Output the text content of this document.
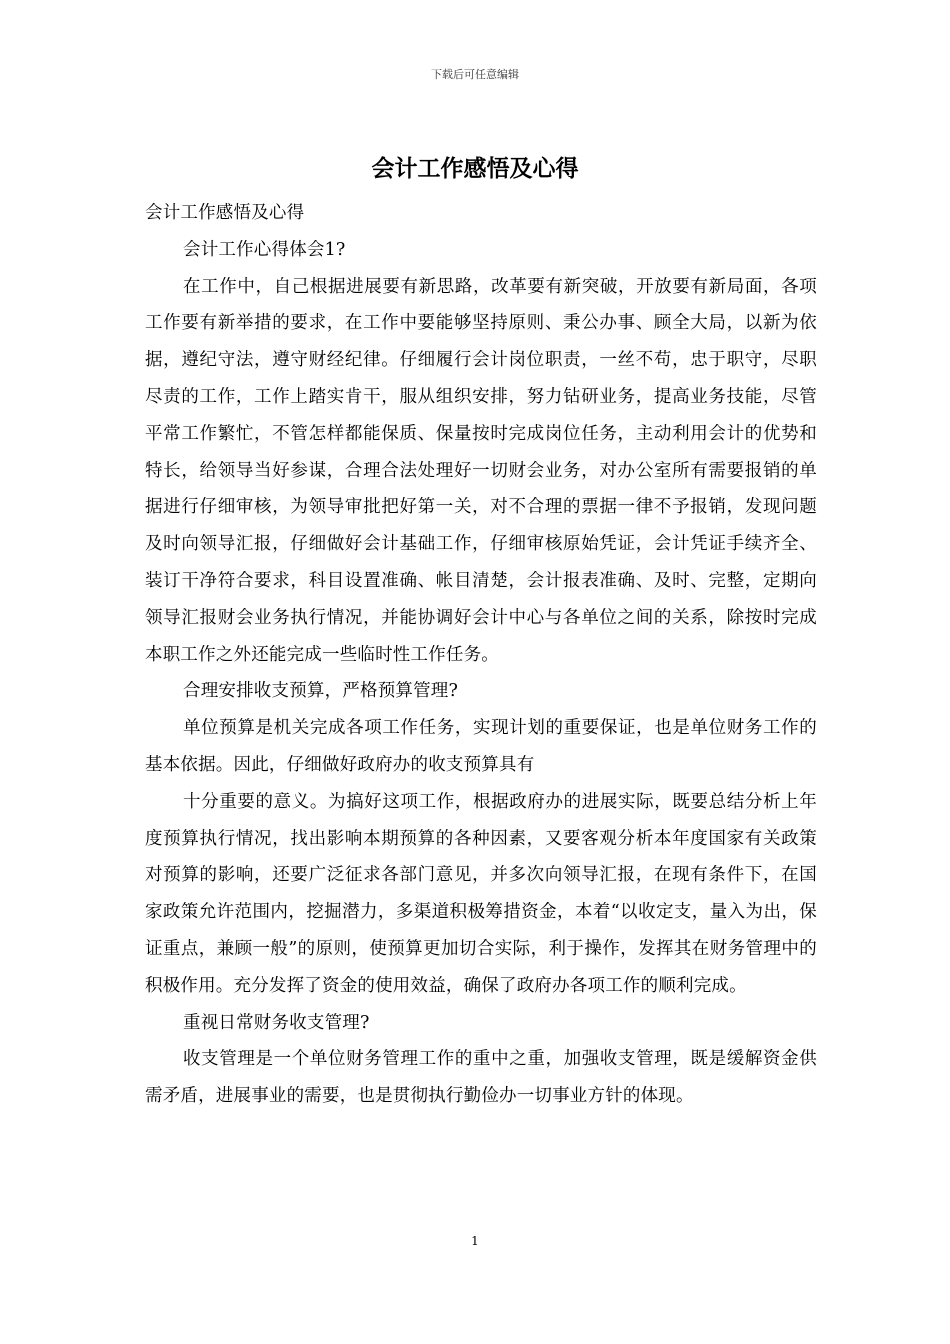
下载后可任意编辑
会计工作感悟及心得

会计工作感悟及心得

会计工作心得体会1?

在工作中，自己根据进展要有新思路，改革要有新突破，开放要有新局面，各项工作要有新举措的要求，在工作中要能够坚持原则、秉公办事、顾全大局，以新为依据，遵纪守法，遵守财经纪律。仔细履行会计岗位职责，一丝不苟，忠于职守，尽职尽责的工作，工作上踏实肯干，服从组织安排，努力钻研业务，提高业务技能，尽管平常工作繁忙，不管怎样都能保质、保量按时完成岗位任务，主动利用会计的优势和特长，给领导当好参谋，合理合法处理好一切财会业务，对办公室所有需要报销的单据进行仔细审核，为领导审批把好第一关，对不合理的票据一律不予报销，发现问题及时向领导汇报，仔细做好会计基础工作，仔细审核原始凭证，会计凭证手续齐全、装订干净符合要求，科目设置准确、帐目清楚，会计报表准确、及时、完整，定期向领导汇报财会业务执行情况，并能协调好会计中心与各单位之间的关系，除按时完成本职工作之外还能完成一些临时性工作任务。

合理安排收支预算，严格预算管理?

单位预算是机关完成各项工作任务，实现计划的重要保证，也是单位财务工作的基本依据。因此，仔细做好政府办的收支预算具有

十分重要的意义。为搞好这项工作，根据政府办的进展实际，既要总结分析上年度预算执行情况，找出影响本期预算的各种因素，又要客观分析本年度国家有关政策对预算的影响，还要广泛征求各部门意见，并多次向领导汇报，在现有条件下，在国家政策允许范围内，挖掘潜力，多渠道积极筹措资金，本着“以收定支，量入为出，保证重点，兼顾一般”的原则，使预算更加切合实际，利于操作，发挥其在财务管理中的积极作用。充分发挥了资金的使用效益，确保了政府办各项工作的顺利完成。

重视日常财务收支管理?

收支管理是一个单位财务管理工作的重中之重，加强收支管理，既是缓解资金供需矛盾，进展事业的需要，也是贯彻执行勤俭办一切事业方针的体现。

1
